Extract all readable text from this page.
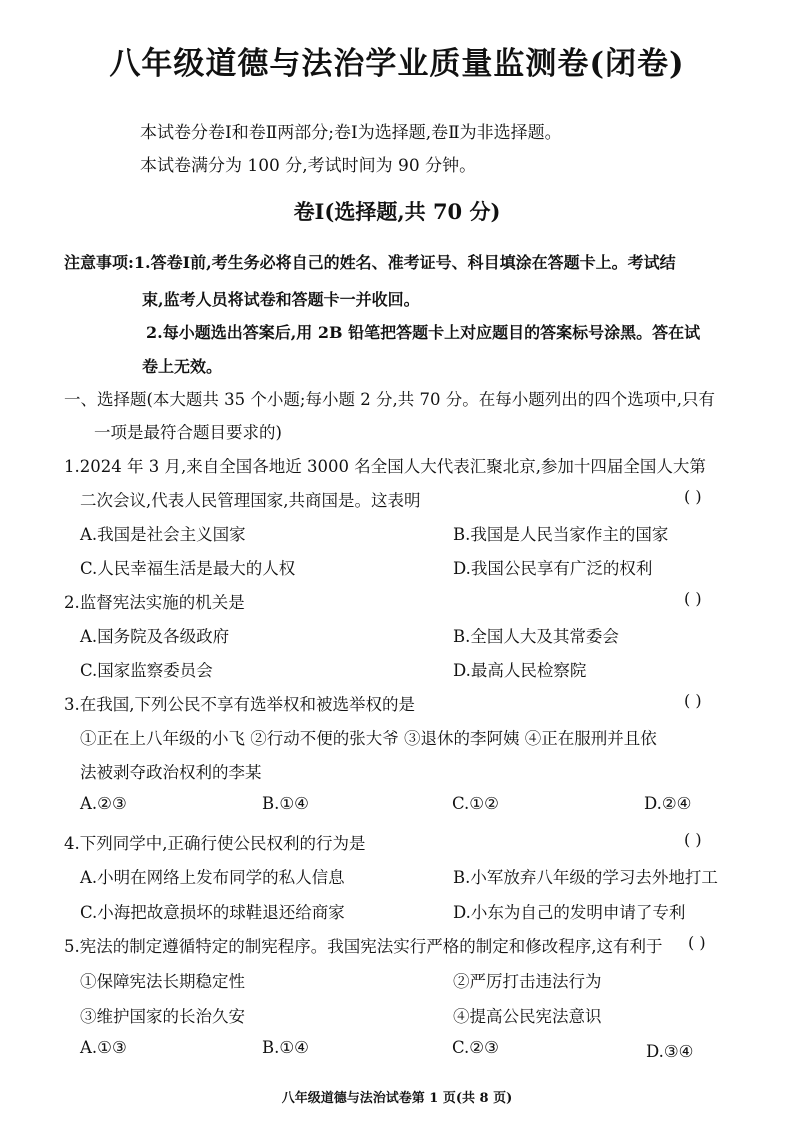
八年级道德与法治学业质量监测卷(闭卷)
本试卷分卷Ⅰ和卷Ⅱ两部分;卷Ⅰ为选择题,卷Ⅱ为非选择题。
本试卷满分为 100 分,考试时间为 90 分钟。
卷Ⅰ(选择题,共 70 分)
注意事项:1.答卷Ⅰ前,考生务必将自己的姓名、准考证号、科目填涂在答题卡上。考试结
束,监考人员将试卷和答题卡一并收回。
2.每小题选出答案后,用 2B 铅笔把答题卡上对应题目的答案标号涂黑。答在试
卷上无效。
一、选择题(本大题共 35 个小题;每小题 2 分,共 70 分。在每小题列出的四个选项中,只有
一项是最符合题目要求的)
1.2024 年 3 月,来自全国各地近 3000 名全国人大代表汇聚北京,参加十四届全国人大第
二次会议,代表人民管理国家,共商国是。这表明	( )
A.我国是社会主义国家	B.我国是人民当家作主的国家
C.人民幸福生活是最大的人权	D.我国公民享有广泛的权利
2.监督宪法实施的机关是	( )
A.国务院及各级政府	B.全国人大及其常委会
C.国家监察委员会	D.最高人民检察院
3.在我国,下列公民不享有选举权和被选举权的是	( )
①正在上八年级的小飞 ②行动不便的张大爷 ③退休的李阿姨 ④正在服刑并且依
法被剥夺政治权利的李某
A.②③	B.①④	C.①②	D.②④
4.下列同学中,正确行使公民权利的行为是	( )
A.小明在网络上发布同学的私人信息	B.小军放弃八年级的学习去外地打工
C.小海把故意损坏的球鞋退还给商家	D.小东为自己的发明申请了专利
5.宪法的制定遵循特定的制宪程序。我国宪法实行严格的制定和修改程序,这有利于 ( )
①保障宪法长期稳定性	②严厉打击违法行为
③维护国家的长治久安	④提高公民宪法意识
A.①③	B.①④	C.②③	D.③④
八年级道德与法治试卷第 1 页(共 8 页)
